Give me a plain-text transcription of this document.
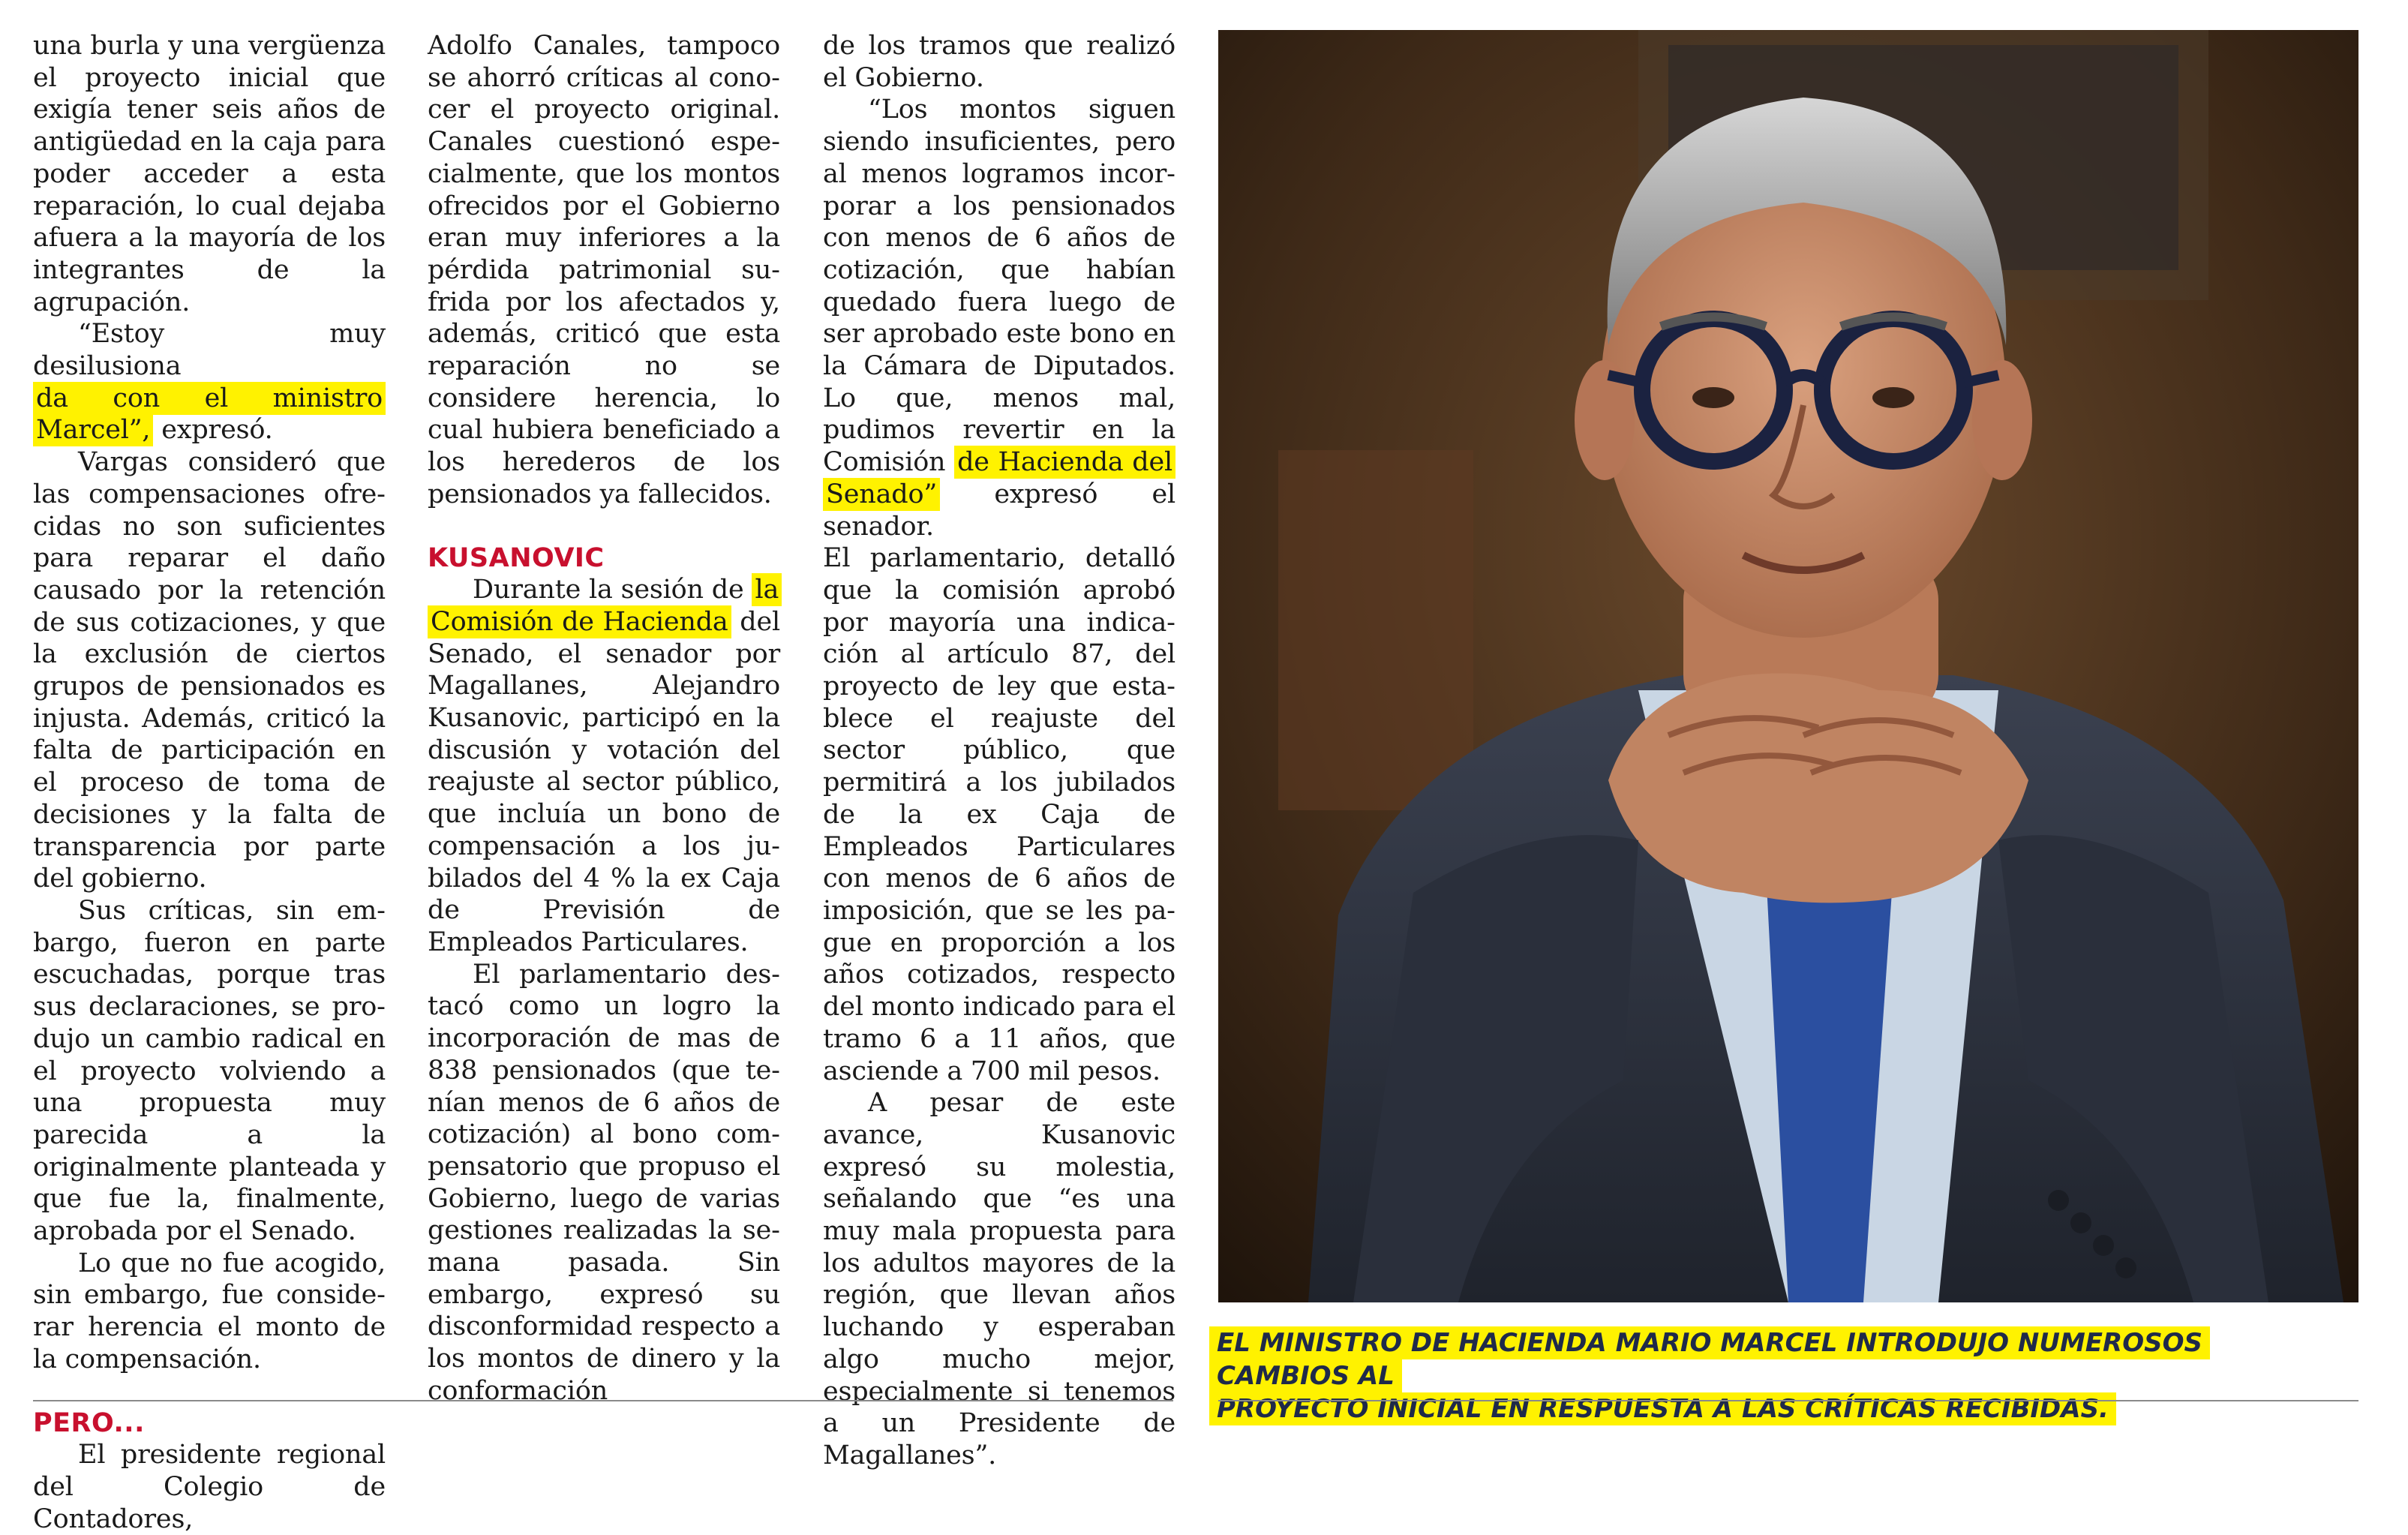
una burla y una vergüenza el proyecto inicial que exigía tener seis años de antigüedad en la caja para poder acceder a esta reparación, lo cual dejaba afuera a la mayoría de los integrantes de la agrupación.

“Estoy muy desilusiona
da con el ministro Marcel”, expresó.

Vargas consideró que las compensaciones ofrecidas no son suficientes para reparar el daño causado por la retención de sus cotizaciones, y que la exclusión de ciertos grupos de pensionados es injusta. Además, criticó la falta de participación en el proceso de toma de decisiones y la falta de transparencia por parte del gobierno.

Sus críticas, sin embargo, fueron en parte escuchadas, porque tras sus declaraciones, se produjo un cambio radical en el proyecto volviendo a una propuesta muy parecida a la originalmente planteada y que fue la, finalmente, aprobada por el Senado.

Lo que no fue acogido, sin embargo, fue considerar herencia el monto de la compensación.

PERO...

El presidente regional del Colegio de Contadores,

Adolfo Canales, tampoco se ahorró críticas al conocer el proyecto original. Canales cuestionó especialmente, que los montos ofrecidos por el Gobierno eran muy inferiores a la pérdida patrimonial sufrida por los afectados y, además, criticó que esta reparación no se considere herencia, lo cual hubiera beneficiado a los herederos de los pensionados ya fallecidos.

KUSANOVIC

Durante la sesión de la Comisión de Hacienda del Senado, el senador por Magallanes, Alejandro Kusanovic, participó en la discusión y votación del reajuste al sector público, que incluía un bono de compensación a los jubilados del 4 % la ex Caja de Previsión de Empleados Particulares.

El parlamentario destacó como un logro la incorporación de mas de 838 pensionados (que tenían menos de 6 años de cotización) al bono compensatorio que propuso el Gobierno, luego de varias gestiones realizadas la semana pasada. Sin embargo, expresó su disconformidad respecto a los montos de dinero y la conformación

de los tramos que realizó el Gobierno.

“Los montos siguen siendo insuficientes, pero al menos logramos incorporar a los pensionados con menos de 6 años de cotización, que habían quedado fuera luego de ser aprobado este bono en la Cámara de Diputados. Lo que, menos mal, pudimos revertir en la Comisión de Hacienda del Senado” expresó el senador.

El parlamentario, detalló que la comisión aprobó por mayoría una indicación al artículo 87, del proyecto de ley que establece el reajuste del sector público, que permitirá a los jubilados de la ex Caja de Empleados Particulares con menos de 6 años de imposición, que se les pague en proporción a los años cotizados, respecto del monto indicado para el tramo 6 a 11 años, que asciende a 700 mil pesos.

A pesar de este avance, Kusanovic expresó su molestia, señalando que “es una muy mala propuesta para los adultos mayores de la región, que llevan años luchando y esperaban algo mucho mejor, especialmente si tenemos a un Presidente de Magallanes”.

EL MINISTRO DE HACIENDA MARIO MARCEL INTRODUJO NUMEROSOS CAMBIOS AL
PROYECTO INICIAL EN RESPUESTA A LAS CRÍTICAS RECIBIDAS.
